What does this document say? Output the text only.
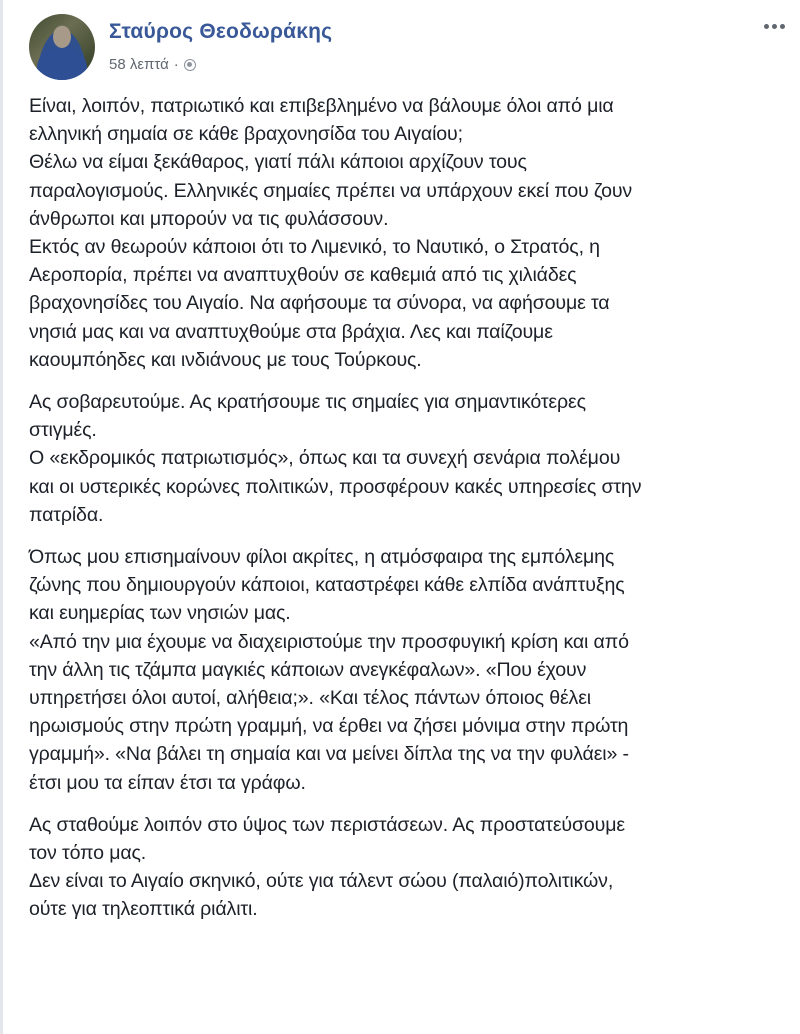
Σταύρος Θεοδωράκης
58 λεπτά ·
Είναι, λοιπόν, πατριωτικό και επιβεβλημένο να βάλουμε όλοι από μια
ελληνική σημαία σε κάθε βραχονησίδα του Αιγαίου;
Θέλω να είμαι ξεκάθαρος, γιατί πάλι κάποιοι αρχίζουν τους
παραλογισμούς. Ελληνικές σημαίες πρέπει να υπάρχουν εκεί που ζουν
άνθρωποι και μπορούν να τις φυλάσσουν.
Εκτός αν θεωρούν κάποιοι ότι το Λιμενικό, το Ναυτικό, ο Στρατός, η
Αεροπορία, πρέπει να αναπτυχθούν σε καθεμιά από τις χιλιάδες
βραχονησίδες του Αιγαίο. Να αφήσουμε τα σύνορα, να αφήσουμε τα
νησιά μας και να αναπτυχθούμε στα βράχια. Λες και παίζουμε
καουμπόηδες και ινδιάνους με τους Τούρκους.
Ας σοβαρευτούμε. Ας κρατήσουμε τις σημαίες για σημαντικότερες
στιγμές.
Ο «εκδρομικός πατριωτισμός», όπως και τα συνεχή σενάρια πολέμου
και οι υστερικές κορώνες πολιτικών, προσφέρουν κακές υπηρεσίες στην
πατρίδα.
Όπως μου επισημαίνουν φίλοι ακρίτες, η ατμόσφαιρα της εμπόλεμης
ζώνης που δημιουργούν κάποιοι, καταστρέφει κάθε ελπίδα ανάπτυξης
και ευημερίας των νησιών μας.
«Από την μια έχουμε να διαχειριστούμε την προσφυγική κρίση και από
την άλλη τις τζάμπα μαγκιές κάποιων ανεγκέφαλων». «Που έχουν
υπηρετήσει όλοι αυτοί, αλήθεια;». «Και τέλος πάντων όποιος θέλει
ηρωισμούς στην πρώτη γραμμή, να έρθει να ζήσει μόνιμα στην πρώτη
γραμμή». «Να βάλει τη σημαία και να μείνει δίπλα της να την φυλάει» -
έτσι μου τα είπαν έτσι τα γράφω.
Ας σταθούμε λοιπόν στο ύψος των περιστάσεων. Ας προστατεύσουμε
τον τόπο μας.
Δεν είναι το Αιγαίο σκηνικό, ούτε για τάλεντ σώου (παλαιό)πολιτικών,
ούτε για τηλεοπτικά ριάλιτι.
